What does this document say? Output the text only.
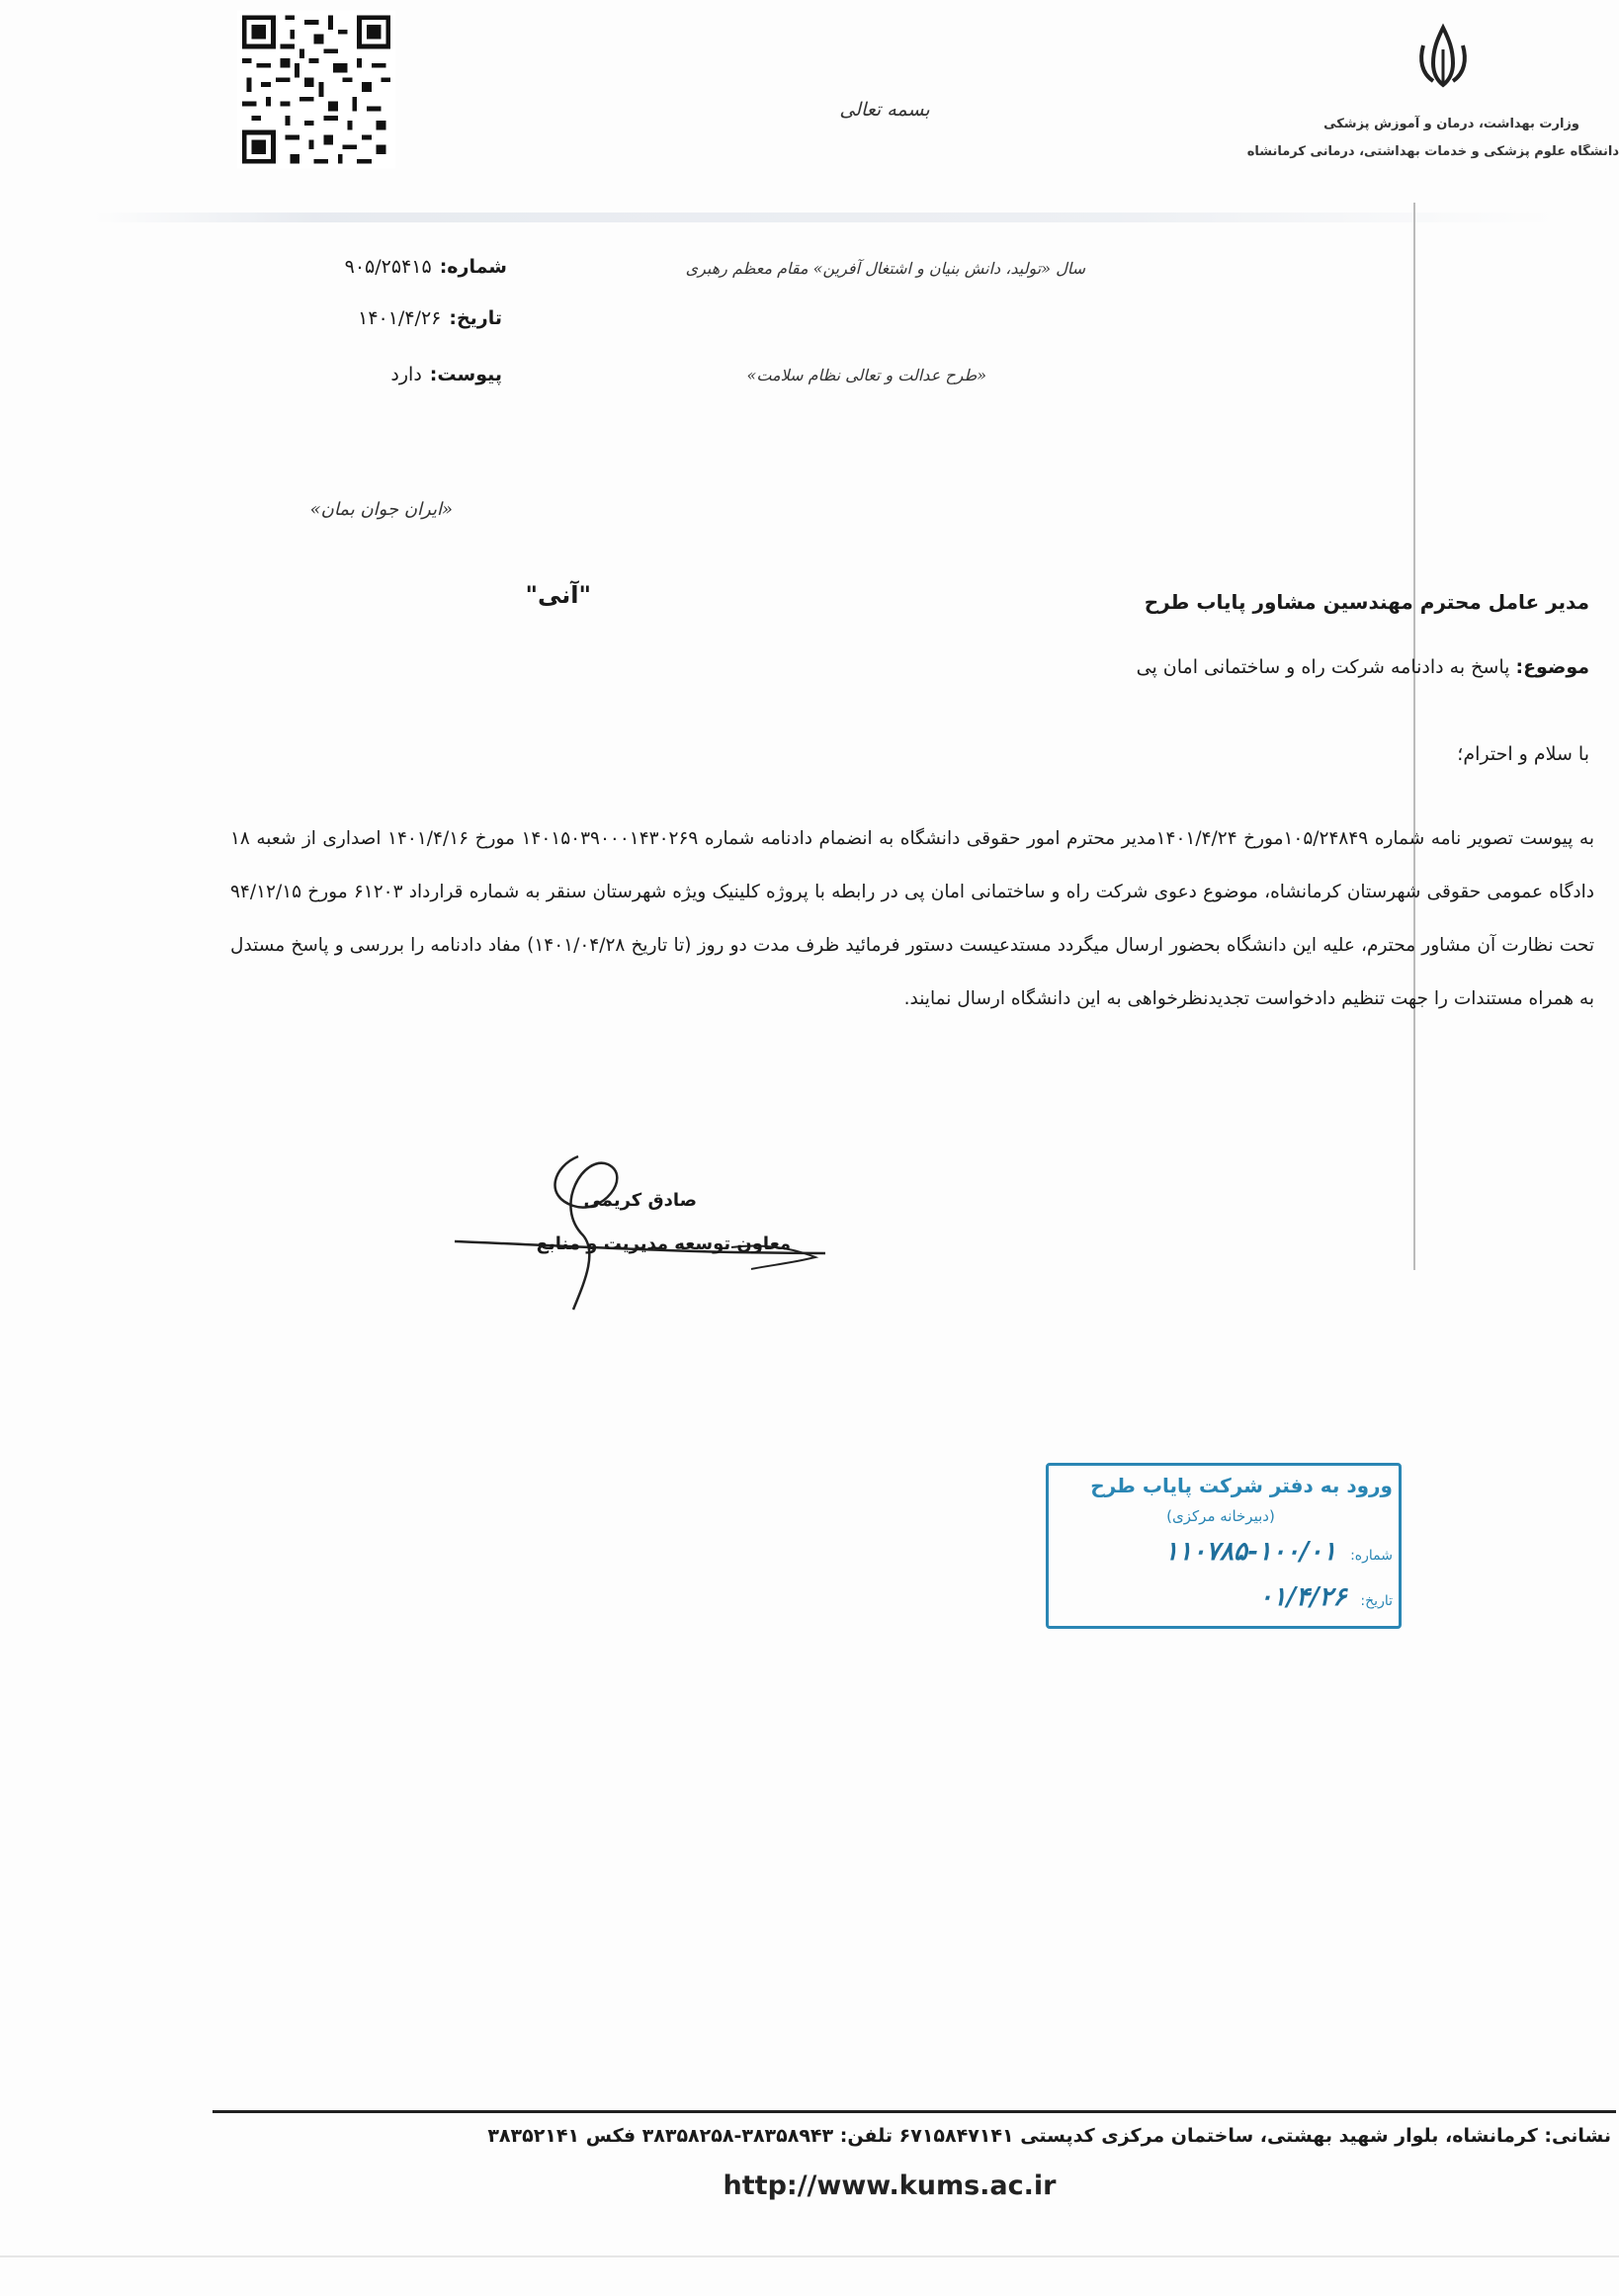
وزارت بهداشت، درمان و آموزش پزشکی
دانشگاه علوم پزشکی و خدمات بهداشتی، درمانی کرمانشاه
بسمه تعالی
شماره:۹۰۵/۲۵۴۱۵
تاریخ:۱۴۰۱/۴/۲۶
پیوست:دارد
سال «تولید، دانش بنیان و اشتغال آفرین» مقام معظم رهبری
«طرح عدالت و تعالی نظام سلامت»
«ایران جوان بمان»
"آنی"	مدیر عامل محترم مهندسین مشاور پایاب طرح
موضوع: پاسخ به دادنامه شرکت راه و ساختمانی امان پی
با سلام و احترام؛
به پیوست تصویر نامه شماره ۱۰۵/۲۴۸۴۹مورخ ۱۴۰۱/۴/۲۴مدیر محترم امور حقوقی دانشگاه به انضمام دادنامه شماره ۱۴۰۱۵۰۳۹۰۰۰۱۴۳۰۲۶۹ مورخ ۱۴۰۱/۴/۱۶ اصداری از شعبه ۱۸ دادگاه عمومی حقوقی شهرستان کرمانشاه، موضوع دعوی شرکت راه و ساختمانی امان پی در رابطه با پروژه کلینیک ویژه شهرستان سنقر به شماره قرارداد ۶۱۲۰۳ مورخ ۹۴/۱۲/۱۵ تحت نظارت آن مشاور محترم، علیه این دانشگاه بحضور ارسال میگردد مستدعیست دستور فرمائید ظرف مدت دو روز (تا تاریخ ۱۴۰۱/۰۴/۲۸) مفاد دادنامه را بررسی و پاسخ مستدل به همراه مستندات را جهت تنظیم دادخواست تجدیدنظرخواهی به این دانشگاه ارسال نمایند.
صادق کریمی
معاون توسعه مدیریت و منابع
ورود به دفتر شرکت پایاب طرح
(دبیرخانه مرکزی)
شماره:۱۰۰/۰۱-۱۱۰۷۸۵
تاریخ:۰۱/۴/۲۶
نشانی: کرمانشاه، بلوار شهید بهشتی، ساختمان مرکزی کدپستی ۶۷۱۵۸۴۷۱۴۱ تلفن: ۳۸۳۵۸۹۴۳-۳۸۳۵۸۲۵۸ فکس ۳۸۳۵۲۱۴۱
http://www.kums.ac.ir
